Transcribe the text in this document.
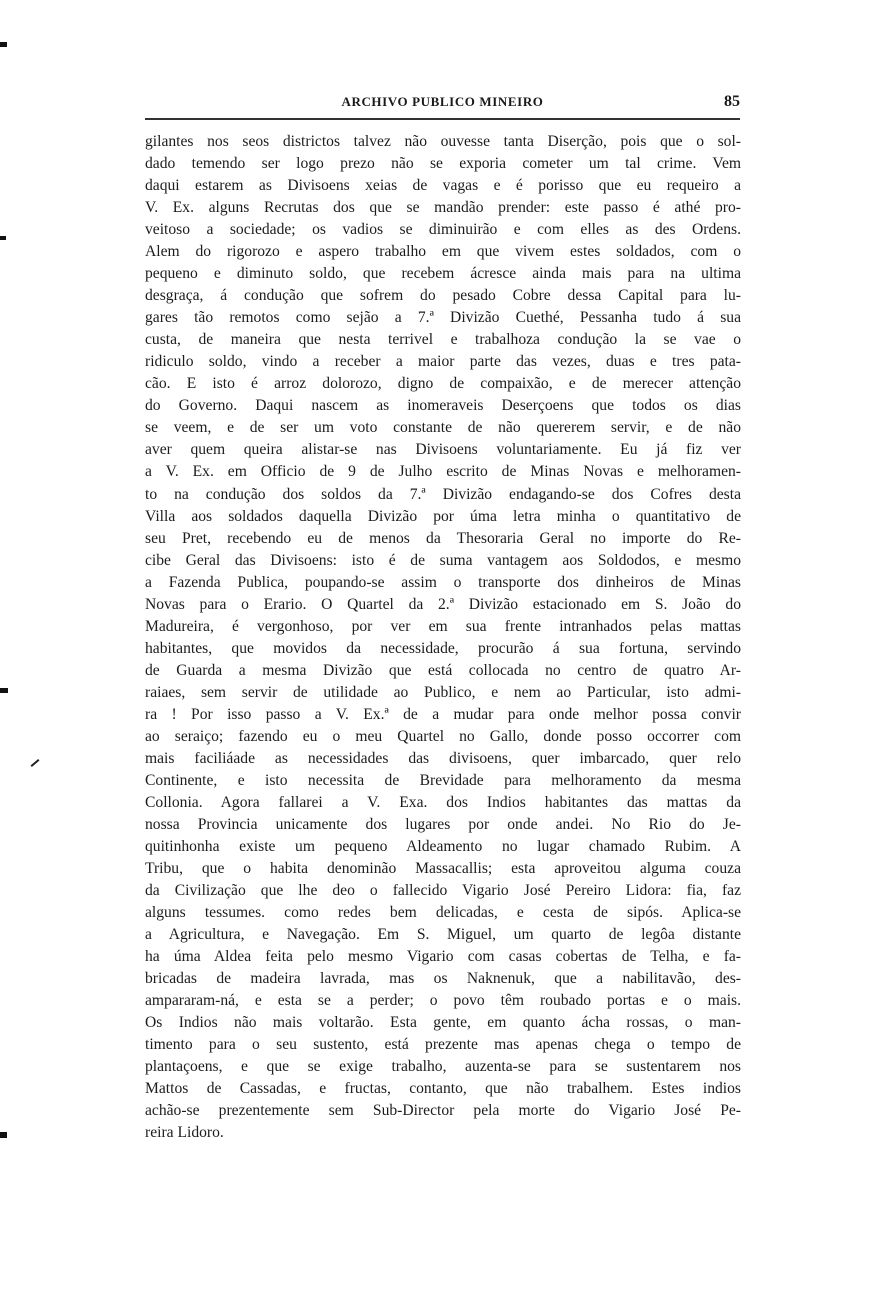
ARCHIVO PUBLICO MINEIRO	85
gilantes nos seos districtos talvez não ouvesse tanta Diserção, pois que o sol-
dado temendo ser logo prezo não se exporia cometer um tal crime. Vem
daqui estarem as Divisoens xeias de vagas e é porisso que eu requeiro a
V. Ex. alguns Recrutas dos que se mandão prender: este passo é athé pro-
veitoso a sociedade; os vadios se diminuirão e com elles as des Ordens.
Alem do rigorozo e aspero trabalho em que vivem estes soldados, com o
pequeno e diminuto soldo, que recebem ácresce ainda mais para na ultima
desgraça, á condução que sofrem do pesado Cobre dessa Capital para lu-
gares tão remotos como sejão a 7.ª Divizão Cuethé, Pessanha tudo á sua
custa, de maneira que nesta terrivel e trabalhoza condução la se vae o
ridiculo soldo, vindo a receber a maior parte das vezes, duas e tres pata-
cão. E isto é arroz dolorozo, digno de compaixão, e de merecer attenção
do Governo. Daqui nascem as inomeraveis Deserçoens que todos os dias
se veem, e de ser um voto constante de não quererem servir, e de não
aver quem queira alistar-se nas Divisoens voluntariamente. Eu já fiz ver
a V. Ex. em Officio de 9 de Julho escrito de Minas Novas e melhoramen-
to na condução dos soldos da 7.ª Divizão endagando-se dos Cofres desta
Villa aos soldados daquella Divizão por úma letra minha o quantitativo de
seu Pret, recebendo eu de menos da Thesoraria Geral no importe do Re-
cibe Geral das Divisoens: isto é de suma vantagem aos Soldodos, e mesmo
a Fazenda Publica, poupando-se assim o transporte dos dinheiros de Minas
Novas para o Erario. O Quartel da 2.ª Divizão estacionado em S. João do
Madureira, é vergonhoso, por ver em sua frente intranhados pelas mattas
habitantes, que movidos da necessidade, procurão á sua fortuna, servindo
de Guarda a mesma Divizão que está collocada no centro de quatro Ar-
raiaes, sem servir de utilidade ao Publico, e nem ao Particular, isto admi-
ra ! Por isso passo a V. Ex.ª de a mudar para onde melhor possa convir
ao seraiço; fazendo eu o meu Quartel no Gallo, donde posso occorrer com
mais faciliáade as necessidades das divisoens, quer imbarcado, quer relo
Continente, e isto necessita de Brevidade para melhoramento da mesma
Collonia. Agora fallarei a V. Exa. dos Indios habitantes das mattas da
nossa Provincia unicamente dos lugares por onde andei. No Rio do Je-
quitinhonha existe um pequeno Aldeamento no lugar chamado Rubim. A
Tribu, que o habita denominão Massacallis; esta aproveitou alguma couza
da Civilização que lhe deo o fallecido Vigario José Pereiro Lidora: fia, faz
alguns tessumes. como redes bem delicadas, e cesta de sipós. Aplica-se
a Agricultura, e Navegação. Em S. Miguel, um quarto de legôa distante
ha úma Aldea feita pelo mesmo Vigario com casas cobertas de Telha, e fa-
bricadas de madeira lavrada, mas os Naknenuk, que a nabilitavão, des-
ampararam-ná, e esta se a perder; o povo têm roubado portas e o mais.
Os Indios não mais voltarão. Esta gente, em quanto ácha rossas, o man-
timento para o seu sustento, está prezente mas apenas chega o tempo de
plantaçoens, e que se exige trabalho, auzenta-se para se sustentarem nos
Mattos de Cassadas, e fructas, contanto, que não trabalhem. Estes indios
achão-se prezentemente sem Sub-Director pela morte do Vigario José Pe-
reira Lidoro.
